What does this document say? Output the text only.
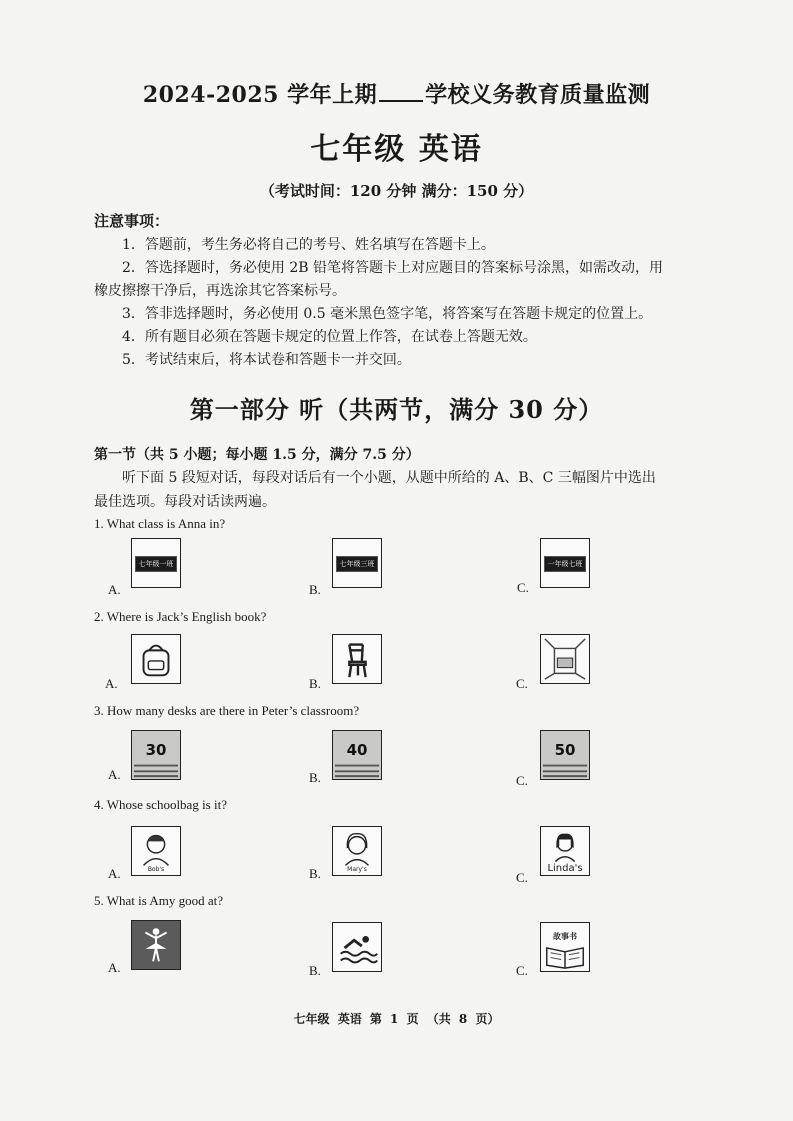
2024-2025 学年上期 学校义务教育质量监测
七年级 英语
（考试时间：120 分钟 满分：150 分）
注意事项：
1．答题前，考生务必将自己的考号、姓名填写在答题卡上。
2．答选择题时，务必使用 2B 铅笔将答题卡上对应题目的答案标号涂黑，如需改动，用
橡皮擦擦干净后，再选涂其它答案标号。
3．答非选择题时，务必使用 0.5 毫米黑色签字笔，将答案写在答题卡规定的位置上。
4．所有题目必须在答题卡规定的位置上作答，在试卷上答题无效。
5．考试结束后，将本试卷和答题卡一并交回。
第一部分 听（共两节，满分 30 分）
第一节（共 5 小题；每小题 1.5 分，满分 7.5 分）
听下面 5 段短对话，每段对话后有一个小题，从题中所给的 A、B、C 三幅图片中选出
最佳选项。每段对话读两遍。
1. What class is Anna in?
A.
七年级一班
B.
七年级三班
C.
一年级七班
2. Where is Jack’s English book?
A.	B.	C.
3. How many desks are there in Peter’s classroom?
A.
30
B.
40
C.
50
4. Whose schoolbag is it?
A.	Bob's	B.	Mary's
C.
Linda's
5. What is Amy good at?
A.	B.	C.
故事书
七年级 英语 第 1 页 （共 8 页）
